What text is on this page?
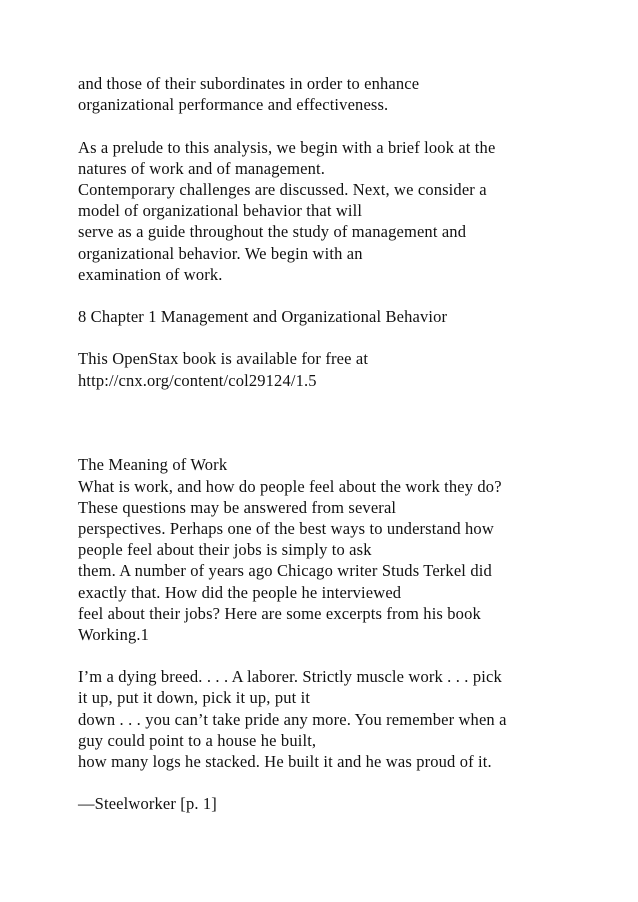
and those of their subordinates in order to enhance
organizational performance and effectiveness.
As a prelude to this analysis, we begin with a brief look at the
natures of work and of management.
Contemporary challenges are discussed. Next, we consider a
model of organizational behavior that will
serve as a guide throughout the study of management and
organizational behavior. We begin with an
examination of work.
8 Chapter 1 Management and Organizational Behavior
This OpenStax book is available for free at
http://cnx.org/content/col29124/1.5
The Meaning of Work
What is work, and how do people feel about the work they do?
These questions may be answered from several
perspectives. Perhaps one of the best ways to understand how
people feel about their jobs is simply to ask
them. A number of years ago Chicago writer Studs Terkel did
exactly that. How did the people he interviewed
feel about their jobs? Here are some excerpts from his book
Working.1
I’m a dying breed. . . . A laborer. Strictly muscle work . . . pick
it up, put it down, pick it up, put it
down . . . you can’t take pride any more. You remember when a
guy could point to a house he built,
how many logs he stacked. He built it and he was proud of it.
—Steelworker [p. 1]
